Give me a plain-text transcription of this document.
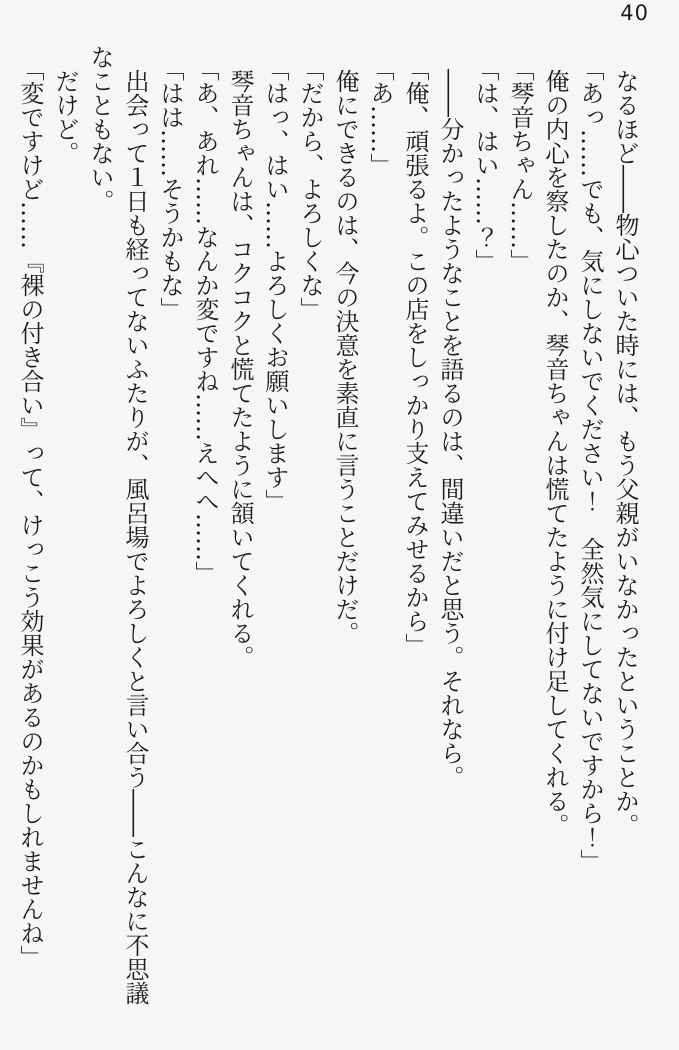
40

なるほど――物心ついた時には、もう父親がいなかったということか。

「あっ……でも、気にしないでください！　全然気にしてないですから！」

俺の内心を察したのか、琴音ちゃんは慌てたように付け足してくれる。

「琴音ちゃん……」

「は、はい……？」

――分かったようなことを語るのは、間違いだと思う。それなら。

「俺、頑張るよ。この店をしっかり支えてみせるから」

「あ……」

俺にできるのは、今の決意を素直に言うことだけだ。

「だから、よろしくな」

「はっ、はい……よろしくお願いします」

琴音ちゃんは、コクコクと慌てたように頷いてくれる。

「あ、あれ……なんか変ですね……えへへ……」

「はは……そうかもな」

出会って１日も経ってないふたりが、風呂場でよろしくと言い合う――こんなに不思議なこともない。

だけど。

「変ですけど……『裸の付き合い』って、けっこう効果があるのかもしれませんね」
